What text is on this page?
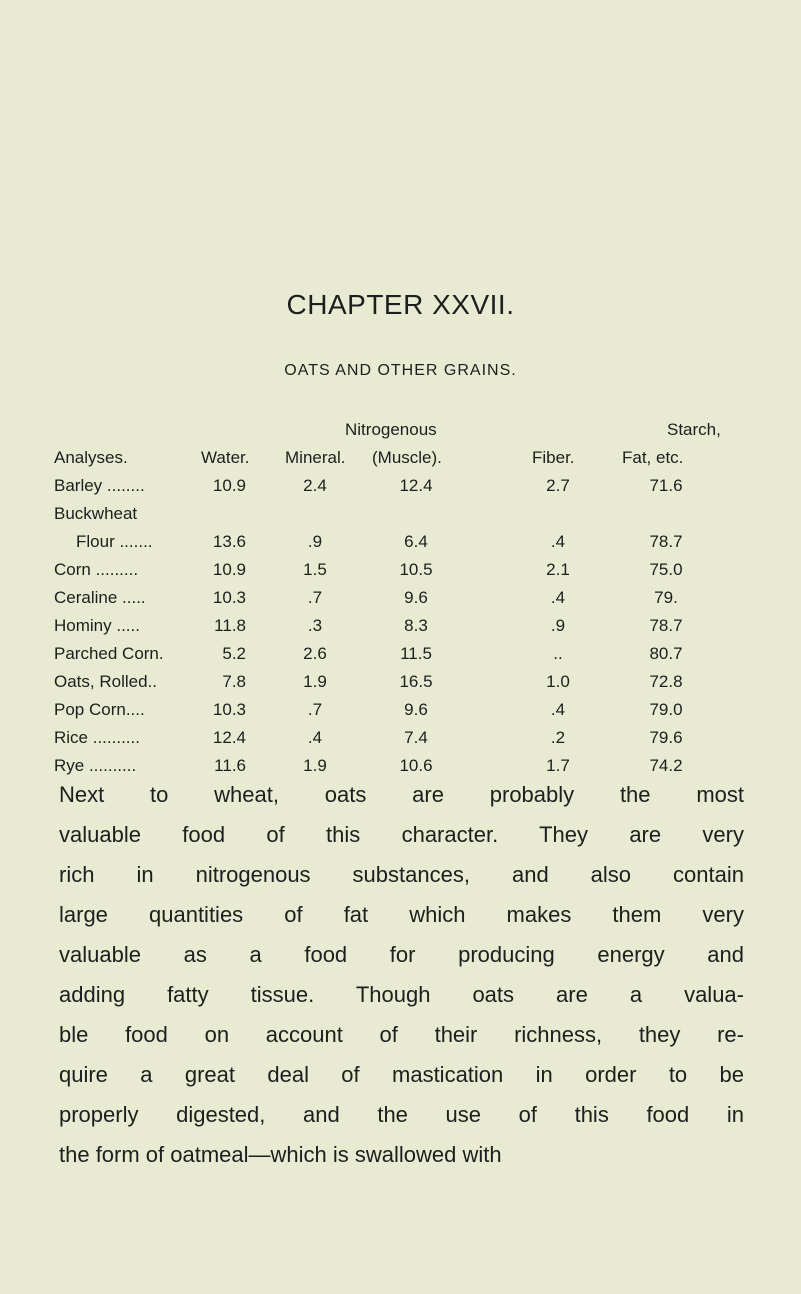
CHAPTER XXVII.
OATS AND OTHER GRAINS.
Nitrogenous	Starch,
Analyses.	Water. Mineral. (Muscle).	Fiber.	Fat, etc.
Barley ........	10.9	2.4	12.4	2.7	71.6
Buckwheat
Flour .......	13.6	.9	6.4	.4	78.7
Corn .........	10.9	1.5	10.5	2.1	75.0
Ceraline .....	10.3	.7	9.6	.4	79.
Hominy .....	11.8	.3	8.3	.9	78.7
Parched Corn.	5.2	2.6	11.5	..	80.7
Oats, Rolled..	7.8	1.9	16.5	1.0	72.8
Pop Corn....	10.3	.7	9.6	.4	79.0
Rice ..........	12.4	.4	7.4	.2	79.6
Rye ..........	11.6	1.9	10.6	1.7	74.2
Next to wheat, oats are probably the most
valuable food of this character. They are very
rich in nitrogenous substances, and also contain
large quantities of fat which makes them very
valuable as a food for producing energy and
adding fatty tissue. Though oats are a valua-
ble food on account of their richness, they re-
quire a great deal of mastication in order to be
properly digested, and the use of this food in
the form of oatmeal—which is swallowed with
